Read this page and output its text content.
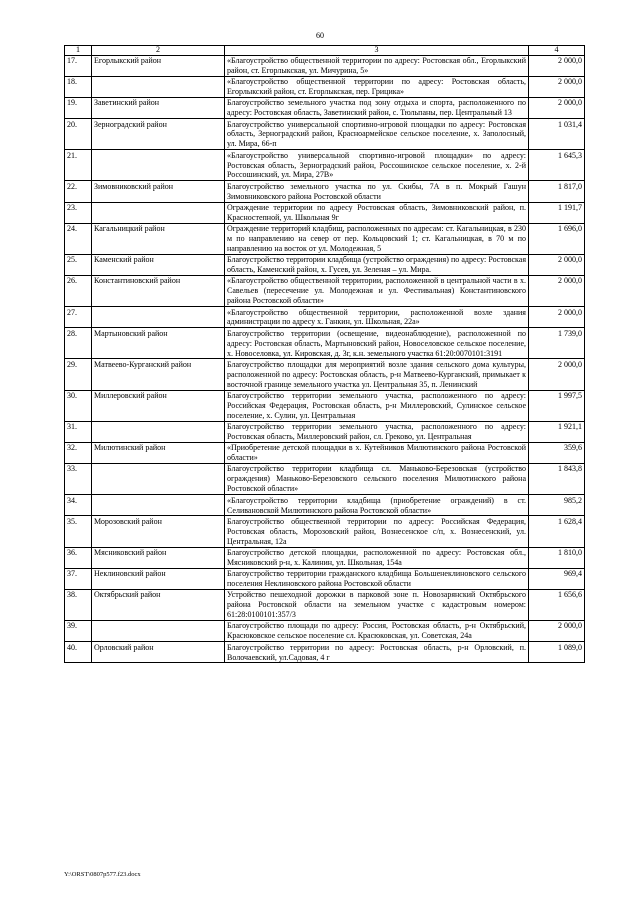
60
1	2	3	4
17.	Егорлыкский район	«Благоустройство общественной территории по адресу: Ростовская обл., Егорлыкский район, ст. Егорлыкская, ул. Мичурина, 5»	2 000,0
18.		«Благоустройство общественной территории по адресу: Ростовская область, Егорлыкский район, ст. Егорлыкская, пер. Грицика»	2 000,0
19.	Заветинский район	Благоустройство земельного участка под зону отдыха и спорта, расположенного по адресу: Ростовская область, Заветинский район, с. Тюльпаны, пер. Центральный 13	2 000,0
20.	Зерноградский район	Благоустройство универсальной спортивно-игровой площадки по адресу: Ростовская область, Зерноградский район, Красноармейское сельское поселение, х. Заполосный, ул. Мира, 66-п	1 031,4
21.		«Благоустройство универсальной спортивно-игровой площадки» по адресу: Ростовская область, Зерноградский район, Россошинское сельское поселение, х. 2-й Россошинский, ул. Мира, 27В»	1 645,3
22.	Зимовниковский район	Благоустройство земельного участка по ул. Скибы, 7А в п. Мокрый Гашун Зимовниковского района Ростовской области	1 817,0
23.		Ограждение территории по адресу Ростовская область, Зимовниковский район, п. Красностепной, ул. Школьная 9г	1 191,7
24.	Кагальницкий район	Ограждение территорий кладбищ, расположенных по адресам: ст. Кагальницкая, в 230 м по направлению на север от пер. Кольцовский 1; ст. Кагальницкая, в 70 м по направлению на восток от ул. Молодежная, 5	1 696,0
25.	Каменский район	Благоустройство территории кладбища (устройство ограждения) по адресу: Ростовская область, Каменский район, х. Гусев, ул. Зеленая – ул. Мира.	2 000,0
26.	Константиновский район	«Благоустройство общественной территории, расположенной в центральной части в х. Савельев (пересечение ул. Молодежная и ул. Фестивальная) Константиновского района Ростовской области»	2 000,0
27.		«Благоустройство общественной территории, расположенной возле здания администрации по адресу х. Ганкин, ул. Школьная, 22а»	2 000,0
28.	Мартыновский район	Благоустройство территории (освещение, видеонаблюдение), расположенной по адресу: Ростовская область, Мартыновский район, Новоселовское сельское поселение, х. Новоселовка, ул. Кировская, д. 3г, к.н. земельного участка 61:20:0070101:3191	1 739,0
29.	Матвеево-Курганский район	Благоустройство площадки для мероприятий возле здания сельского дома культуры, расположенной по адресу: Ростовская область, р-н Матвеево-Курганский, примыкает к восточной границе земельного участка ул. Центральная 35, п. Ленинский	2 000,0
30.	Миллеровский район	Благоустройство территории земельного участка, расположенного по адресу: Российская Федерация, Ростовская область, р-н Миллеровский, Сулинское сельское поселение, х. Сулин, ул. Центральная	1 997,5
31.		Благоустройство территории земельного участка, расположенного по адресу: Ростовская область, Миллеровский район, сл. Греково, ул. Центральная	1 921,1
32.	Милютинский район	«Приобретение детской площадки в х. Кутейников Милютинского района Ростовской области»	359,6
33.		Благоустройство территории кладбища сл. Маньково-Березовская (устройство ограждения) Маньково-Березовского сельского поселения Милютинского района Ростовской области»	1 843,8
34.		«Благоустройство территории кладбища (приобретение ограждений) в ст. Селивановской Милютинского района Ростовской области»	985,2
35.	Морозовский район	Благоустройство общественной территории по адресу: Российская Федерация, Ростовская область, Морозовский район, Вознесенское с/п, х. Вознесенский, ул. Центральная, 12а	1 628,4
36.	Мясниковский район	Благоустройство детской площадки, расположенной по адресу: Ростовская обл., Мясниковский р-н, х. Калинин, ул. Школьная, 154а	1 810,0
37.	Неклиновский район	Благоустройство территории гражданского кладбища Большенеклиновского сельского поселения Неклиновского района Ростовской области	969,4
38.	Октябрьский район	Устройство пешеходной дорожки в парковой зоне п. Новозарянский Октябрьского района Ростовской области на земельном участке с кадастровым номером: 61:28:0100101:357/3	1 656,6
39.		Благоустройство площади по адресу: Россия, Ростовская область, р-н Октябрьский, Красюковское сельское поселение сл. Красюковская, ул. Советская, 24а	2 000,0
40.	Орловский район	Благоустройство территории по адресу: Ростовская область, р-н Орловский, п. Волочаевский, ул.Садовая, 4 г	1 089,0
Y:\ORST\0807p577.f23.docx
